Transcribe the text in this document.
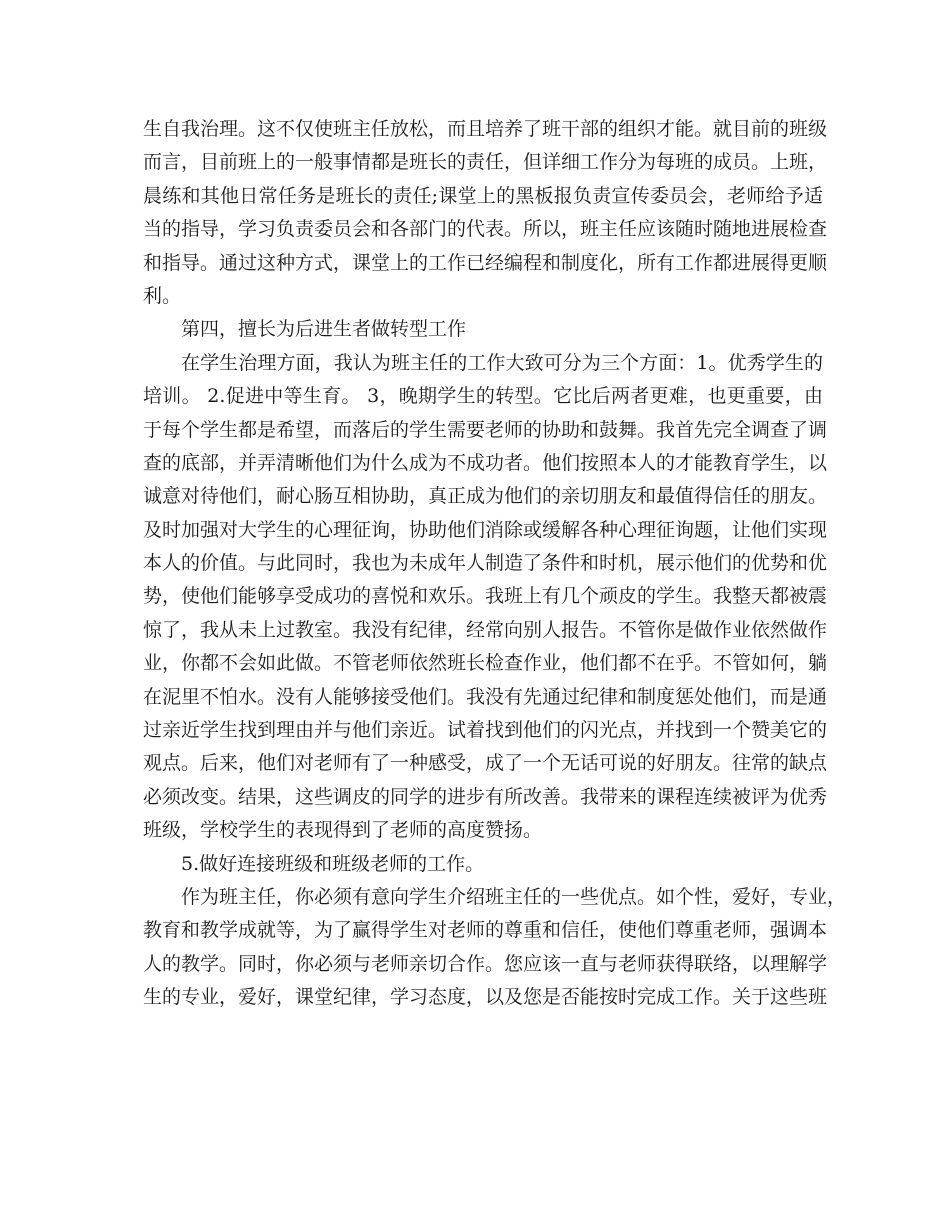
生自我治理。这不仅使班主任放松，而且培养了班干部的组织才能。就目前的班级
而言，目前班上的一般事情都是班长的责任，但详细工作分为每班的成员。上班，
晨练和其他日常任务是班长的责任;课堂上的黑板报负责宣传委员会，老师给予适
当的指导，学习负责委员会和各部门的代表。所以，班主任应该随时随地进展检查
和指导。通过这种方式，课堂上的工作已经编程和制度化，所有工作都进展得更顺
利。
第四，擅长为后进生者做转型工作
在学生治理方面，我认为班主任的工作大致可分为三个方面：1。优秀学生的
培训。 2.促进中等生育。 3，晚期学生的转型。它比后两者更难，也更重要，由
于每个学生都是希望，而落后的学生需要老师的协助和鼓舞。我首先完全调查了调
查的底部，并弄清晰他们为什么成为不成功者。他们按照本人的才能教育学生，以
诚意对待他们，耐心肠互相协助，真正成为他们的亲切朋友和最值得信任的朋友。
及时加强对大学生的心理征询，协助他们消除或缓解各种心理征询题，让他们实现
本人的价值。与此同时，我也为未成年人制造了条件和时机，展示他们的优势和优
势，使他们能够享受成功的喜悦和欢乐。我班上有几个顽皮的学生。我整天都被震
惊了，我从未上过教室。我没有纪律，经常向别人报告。不管你是做作业依然做作
业，你都不会如此做。不管老师依然班长检查作业，他们都不在乎。不管如何，躺
在泥里不怕水。没有人能够接受他们。我没有先通过纪律和制度惩处他们，而是通
过亲近学生找到理由并与他们亲近。试着找到他们的闪光点，并找到一个赞美它的
观点。后来，他们对老师有了一种感受，成了一个无话可说的好朋友。往常的缺点
必须改变。结果，这些调皮的同学的进步有所改善。我带来的课程连续被评为优秀
班级，学校学生的表现得到了老师的高度赞扬。
5.做好连接班级和班级老师的工作。
作为班主任，你必须有意向学生介绍班主任的一些优点。如个性，爱好，专业，
教育和教学成就等，为了赢得学生对老师的尊重和信任，使他们尊重老师，强调本
人的教学。同时，你必须与老师亲切合作。您应该一直与老师获得联络，以理解学
生的专业，爱好，课堂纪律，学习态度，以及您是否能按时完成工作。关于这些班
